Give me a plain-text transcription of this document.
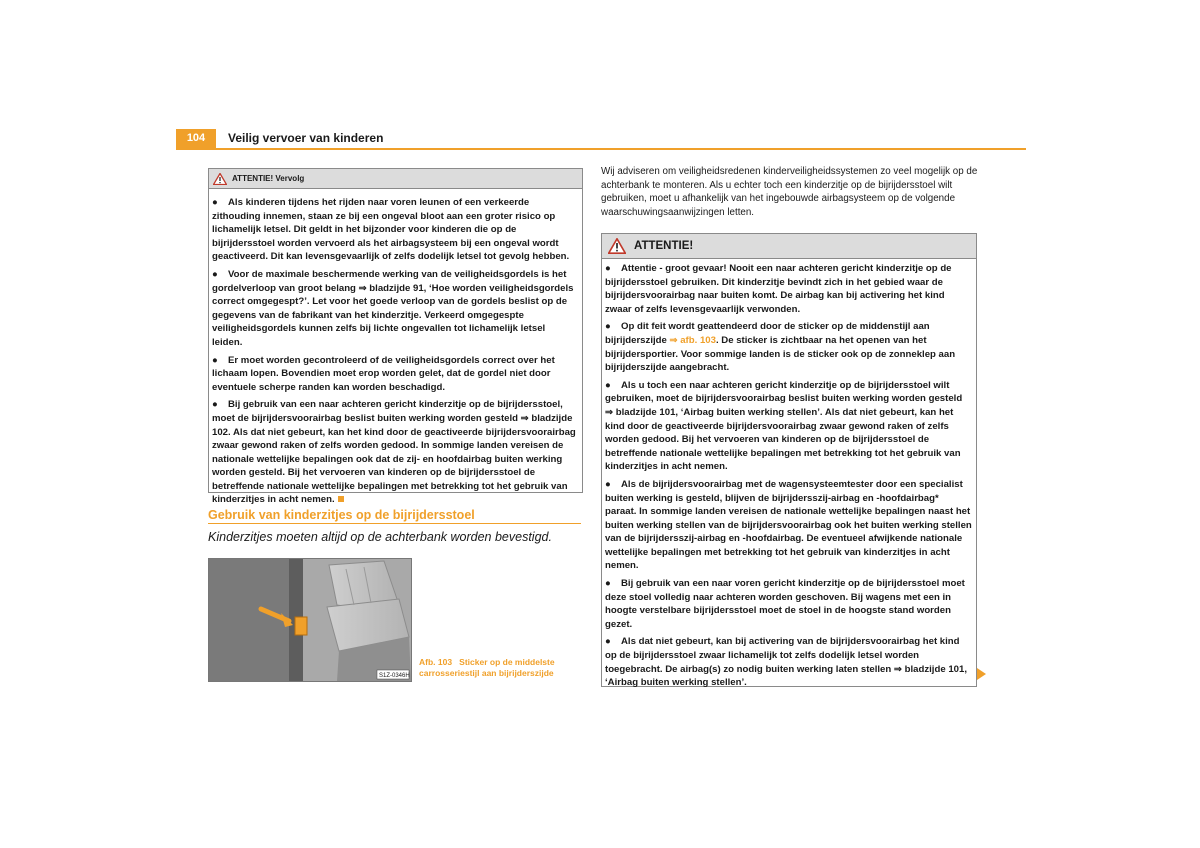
104	Veilig vervoer van kinderen
ATTENTIE! Vervolg

● Als kinderen tijdens het rijden naar voren leunen of een verkeerde zithouding innemen, staan ze bij een ongeval bloot aan een groter risico op lichamelijk letsel. Dit geldt in het bijzonder voor kinderen die op de bijrijdersstoel worden vervoerd als het airbagsysteem bij een ongeval wordt geactiveerd. Dit kan levensgevaarlijk of zelfs dodelijk letsel tot gevolg hebben.

● Voor de maximale beschermende werking van de veiligheidsgordels is het gordelverloop van groot belang ⇒ bladzijde 91, ‘Hoe worden veiligheidsgordels correct omgegespt?’. Let voor het goede verloop van de gordels beslist op de gegevens van de fabrikant van het kinderzitje. Verkeerd omgegespte veiligheidsgordels kunnen zelfs bij lichte ongevallen tot lichamelijk letsel leiden.

● Er moet worden gecontroleerd of de veiligheidsgordels correct over het lichaam lopen. Bovendien moet erop worden gelet, dat de gordel niet door eventuele scherpe randen kan worden beschadigd.

● Bij gebruik van een naar achteren gericht kinderzitje op de bijrijdersstoel, moet de bijrijdersvoorairbag beslist buiten werking worden gesteld ⇒ bladzijde 102. Als dat niet gebeurt, kan het kind door de geactiveerde bijrijdersvoorairbag zwaar gewond raken of zelfs worden gedood. In sommige landen vereisen de nationale wettelijke bepalingen ook dat de zij- en hoofdairbag buiten werking worden gesteld. Bij het vervoeren van kinderen op de bijrijdersstoel de betreffende nationale wettelijke bepalingen met betrekking tot het gebruik van kinderzitjes in acht nemen.

Gebruik van kinderzitjes op de bijrijdersstoel
Kinderzitjes moeten altijd op de achterbank worden bevestigd.
S1Z-0346H
Afb. 103 Sticker op de middelste carrosseriestijl aan bijrijderszijde
Wij adviseren om veiligheidsredenen kinderveiligheidssystemen zo veel mogelijk op de achterbank te monteren. Als u echter toch een kinderzitje op de bijrijdersstoel wilt gebruiken, moet u afhankelijk van het ingebouwde airbagsysteem op de volgende waarschuwingsaanwijzingen letten.
ATTENTIE!

● Attentie - groot gevaar! Nooit een naar achteren gericht kinderzitje op de bijrijdersstoel gebruiken. Dit kinderzitje bevindt zich in het gebied waar de bijrijdersvoorairbag naar buiten komt. De airbag kan bij activering het kind zwaar of zelfs levensgevaarlijk verwonden.

● Op dit feit wordt geattendeerd door de sticker op de middenstijl aan bijrijderszijde ⇒ afb. 103. De sticker is zichtbaar na het openen van het bijrijdersportier. Voor sommige landen is de sticker ook op de zonneklep aan bijrijderszijde aangebracht.

● Als u toch een naar achteren gericht kinderzitje op de bijrijdersstoel wilt gebruiken, moet de bijrijdersvoorairbag beslist buiten werking worden gesteld ⇒ bladzijde 101, ‘Airbag buiten werking stellen’. Als dat niet gebeurt, kan het kind door de geactiveerde bijrijdersvoorairbag zwaar gewond raken of zelfs worden gedood. Bij het vervoeren van kinderen op de bijrijdersstoel de betreffende nationale wettelijke bepalingen met betrekking tot het gebruik van kinderzitjes in acht nemen.

● Als de bijrijdersvoorairbag met de wagensysteemtester door een specialist buiten werking is gesteld, blijven de bijrijdersszij-airbag en -hoofdairbag* paraat. In sommige landen vereisen de nationale wettelijke bepalingen naast het buiten werking stellen van de bijrijdersvoorairbag ook het buiten werking stellen van de bijrijdersszij-airbag en -hoofdairbag. De eventueel afwijkende nationale wettelijke bepalingen met betrekking tot het gebruik van kinderzitjes in acht nemen.

● Bij gebruik van een naar voren gericht kinderzitje op de bijrijdersstoel moet deze stoel volledig naar achteren worden geschoven. Bij wagens met een in hoogte verstelbare bijrijdersstoel moet de stoel in de hoogste stand worden gezet.

● Als dat niet gebeurt, kan bij activering van de bijrijdersvoorairbag het kind op de bijrijdersstoel zwaar lichamelijk tot zelfs dodelijk letsel worden toegebracht. De airbag(s) zo nodig buiten werking laten stellen ⇒ bladzijde 101, ‘Airbag buiten werking stellen’.
